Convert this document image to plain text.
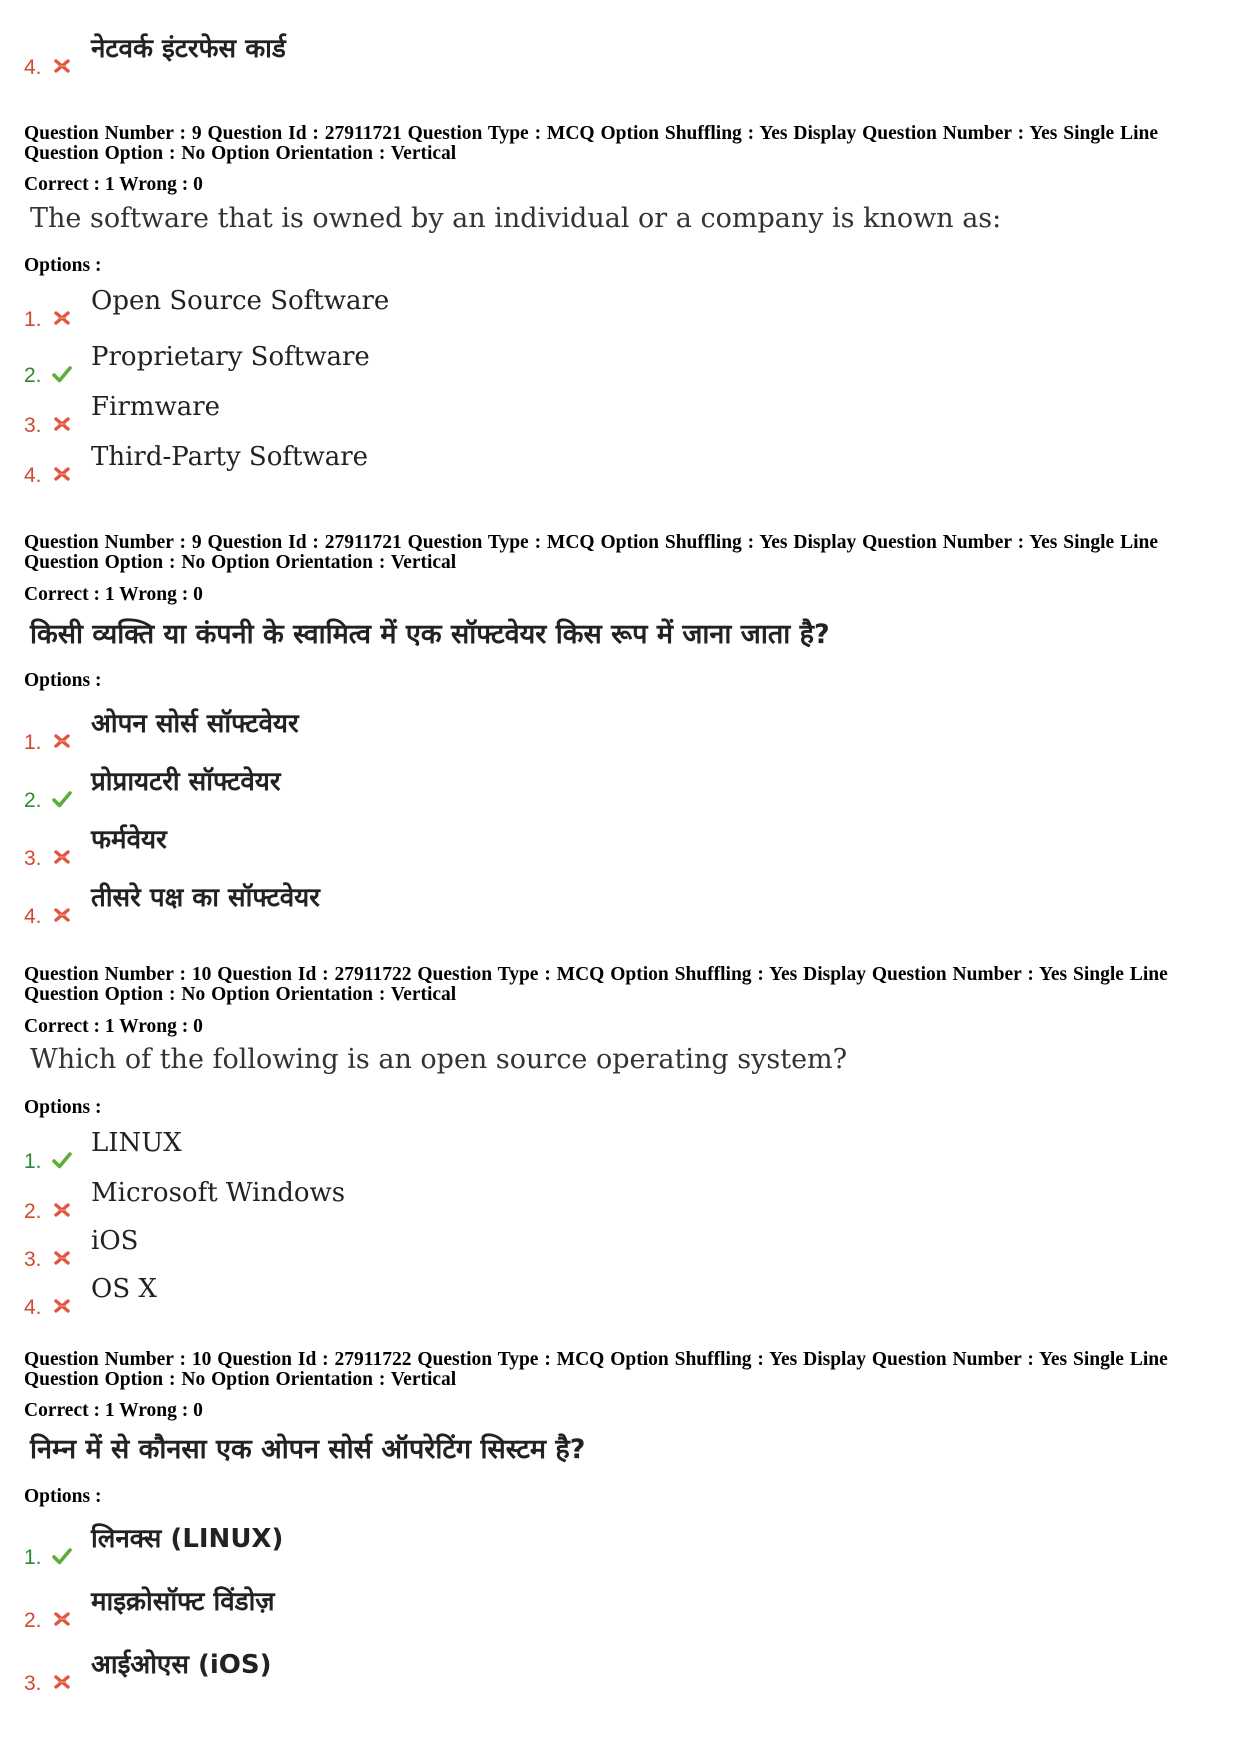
4.
नेटवर्क इंटरफेस कार्ड
Question Number : 9 Question Id : 27911721 Question Type : MCQ Option Shuffling : Yes Display Question Number : Yes Single Line Question Option : No Option Orientation : Vertical
Correct : 1 Wrong : 0
The software that is owned by an individual or a company is known as:
Options :
1.
Open Source Software
2.
Proprietary Software
3.
Firmware
4.
Third-Party Software
Question Number : 9 Question Id : 27911721 Question Type : MCQ Option Shuffling : Yes Display Question Number : Yes Single Line Question Option : No Option Orientation : Vertical
Correct : 1 Wrong : 0
किसी व्यक्ति या कंपनी के स्वामित्व में एक सॉफ्टवेयर किस रूप में जाना जाता है?
Options :
1.
ओपन सोर्स सॉफ्टवेयर
2.
प्रोप्रायटरी सॉफ्टवेयर
3.
फर्मवेयर
4.
तीसरे पक्ष का सॉफ्टवेयर
Question Number : 10 Question Id : 27911722 Question Type : MCQ Option Shuffling : Yes Display Question Number : Yes Single Line Question Option : No Option Orientation : Vertical
Correct : 1 Wrong : 0
Which of the following is an open source operating system?
Options :
1.
LINUX
2.
Microsoft Windows
3.
iOS
4.
OS X
Question Number : 10 Question Id : 27911722 Question Type : MCQ Option Shuffling : Yes Display Question Number : Yes Single Line Question Option : No Option Orientation : Vertical
Correct : 1 Wrong : 0
निम्न में से कौनसा एक ओपन सोर्स ऑपरेटिंग सिस्टम है?
Options :
1.
लिनक्स (LINUX)
2.
माइक्रोसॉफ्ट विंडोज़
3.
आईओएस (iOS)
